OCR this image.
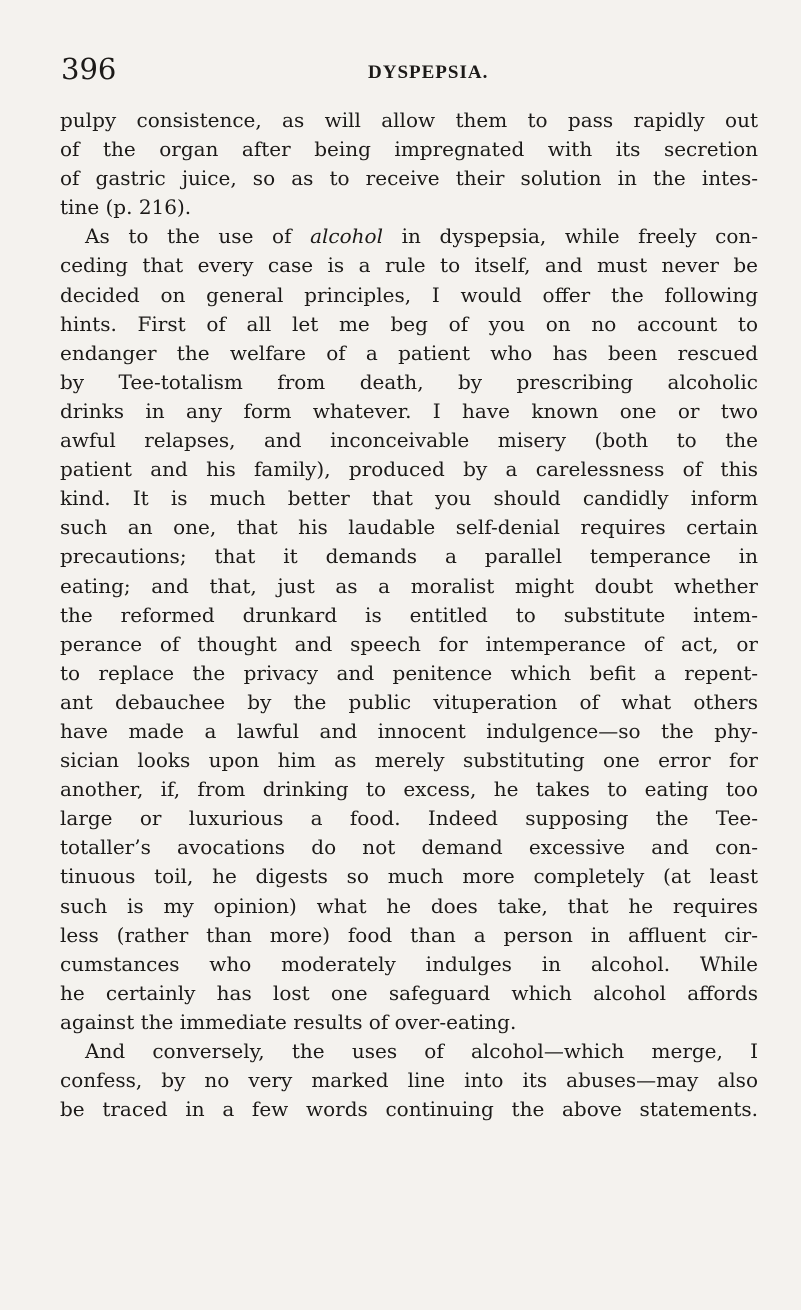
396	DYSPEPSIA.
pulpy consistence, as will allow them to pass rapidly out
of the organ after being impregnated with its secretion
of gastric juice, so as to receive their solution in the intes-
tine (p. 216).
As to the use of alcohol in dyspepsia, while freely con-
ceding that every case is a rule to itself, and must never be
decided on general principles, I would offer the following
hints. First of all let me beg of you on no account to
endanger the welfare of a patient who has been rescued
by Tee-totalism from death, by prescribing alcoholic
drinks in any form whatever. I have known one or two
awful relapses, and inconceivable misery (both to the
patient and his family), produced by a carelessness of this
kind. It is much better that you should candidly inform
such an one, that his laudable self-denial requires certain
precautions; that it demands a parallel temperance in
eating; and that, just as a moralist might doubt whether
the reformed drunkard is entitled to substitute intem-
perance of thought and speech for intemperance of act, or
to replace the privacy and penitence which befit a repent-
ant debauchee by the public vituperation of what others
have made a lawful and innocent indulgence—so the phy-
sician looks upon him as merely substituting one error for
another, if, from drinking to excess, he takes to eating too
large or luxurious a food. Indeed supposing the Tee-
totaller’s avocations do not demand excessive and con-
tinuous toil, he digests so much more completely (at least
such is my opinion) what he does take, that he requires
less (rather than more) food than a person in affluent cir-
cumstances who moderately indulges in alcohol. While
he certainly has lost one safeguard which alcohol affords
against the immediate results of over-eating.
And conversely, the uses of alcohol—which merge, I
confess, by no very marked line into its abuses—may also
be traced in a few words continuing the above statements.
